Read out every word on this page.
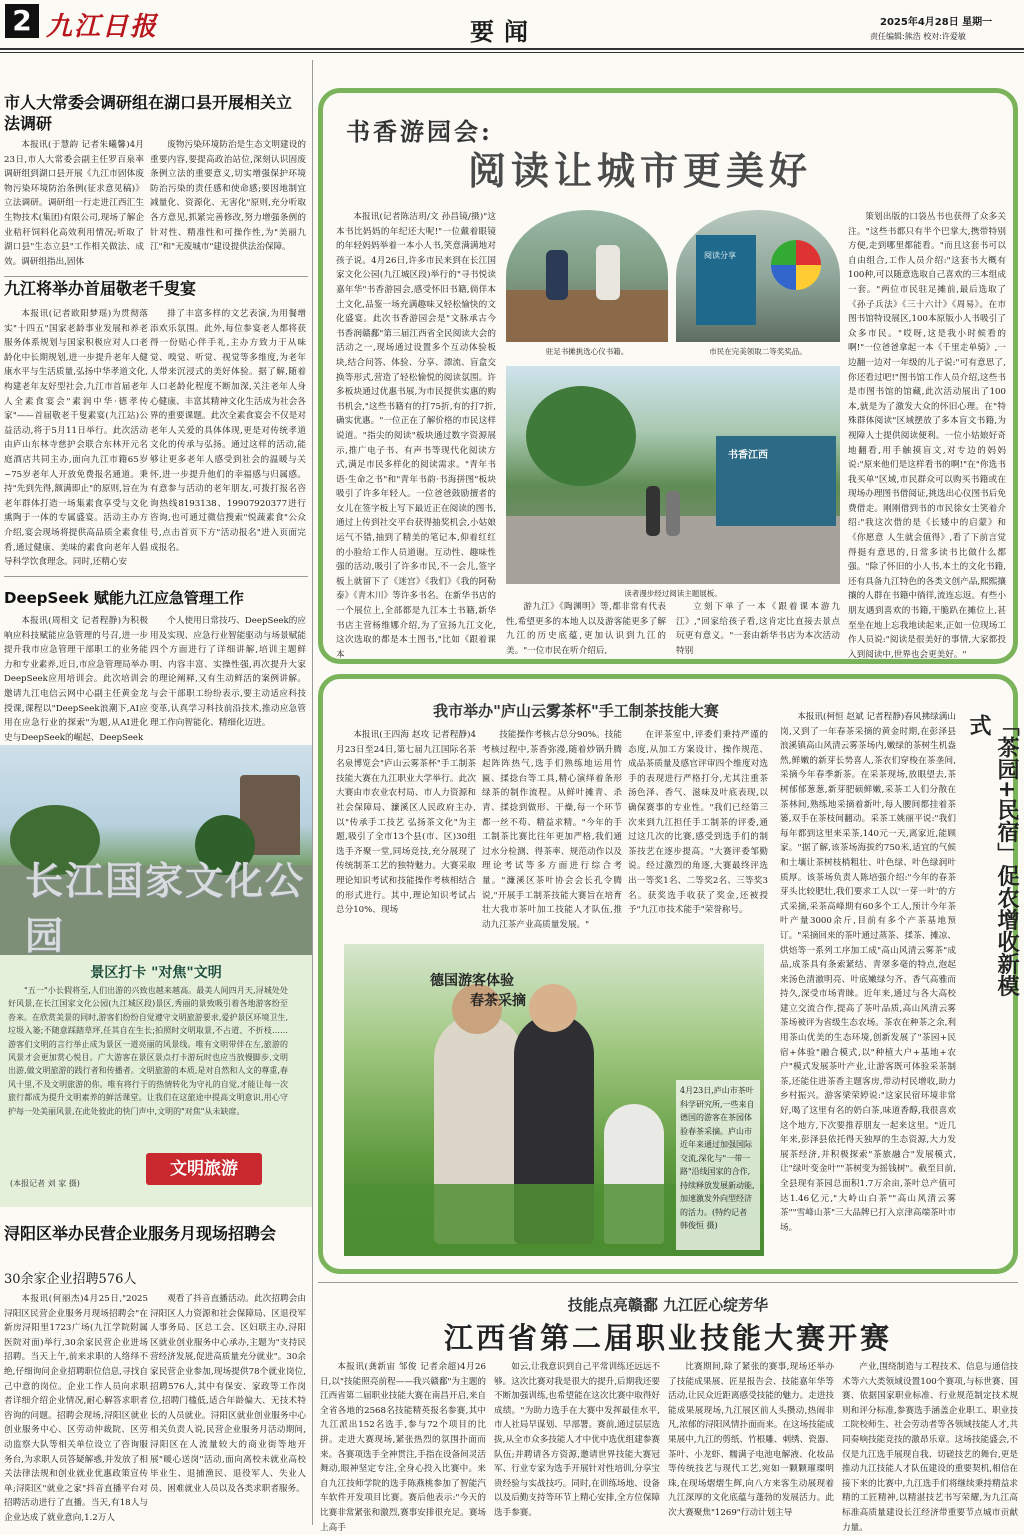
2 九江日报	要闻	2025年4月28日 星期一
责任编辑:熊浩 校对:许爱敏
市人大常委会调研组在湖口县开展相关立法调研

本报讯(于慧韵 记者朱曦馨)4月23日,市人大常委会副主任罗百泉率调研组到湖口县开展《九江市固体废物污染环境防治条例(征求意见稿)》立法调研。调研组一行走进江西汇生生物技术(集团)有限公司,现场了解企业秸秆饲料化高效利用情况;听取了湖口县"生态立县"工作相关做法、成效。调研组指出,固体

废物污染环境防治是生态文明建设的重要内容,要提高政治站位,深刻认识固废条例立法的重要意义,切实增强保护环境防治污染的责任感和使命感;要因地制宜减量化、资源化、无害化"原则,充分听取各方意见,抓紧完善修改,努力增强条例的针对性、精准性和可操作性,为"美丽九江"和"无废城市"建设提供法治保障。

九江将举办首届敬老千叟宴

本报讯(记者欧阳梦瑶)为贯彻落实"十四五"国家老龄事业发展和养老服务体系规划与国家积极应对人口老龄化中长期规划,进一步提升老年人健康水平与生活质量,弘扬中华孝道文化,构建老年友好型社会,九江市首届老年人全素食宴会"素润中华·德孝传家"——首届敬老千叟素宴(九江站)公益活动,将于5月11日举行。此次活动由庐山东林寺慈护会联合东林开元名庭酒店共同主办,面向九江市籍65岁~75岁老年人开放免费报名通道。秉持"先到先得,额满即止"的原则,旨在为老年群体打造一场集素食享受与文化熏陶于一体的专属盛宴。活动主办方介绍,宴会现场将提供高品质全素食佳肴,通过健康、美味的素食向老年人倡导科学饮食理念。同时,还精心安

排了丰富多样的文艺表演,为用餐增添欢乐氛围。此外,每位参宴老人都将获得一份贴心伴手礼,主办方致力于从味觉、嗅觉、听觉、视觉等多维度,为老年人带来沉浸式的美好体验。据了解,随着人口老龄化程度不断加深,关注老年人身心健康、丰富其精神文化生活成为社会各界的重要课题。此次全素食宴会不仅是对老年人关爱的具体体现,更是对传统孝道文化的传承与弘扬。通过这样的活动,能够让更多老年人感受到社会的温暖与关怀,进一步提升他们的幸福感与归属感。有意参与活动的老年朋友,可拨打报名咨询热线8193138、19907920377进行咨询,也可通过微信搜索"悦蔬素食"公众号,点击首页下方"活动报名"进入页面完成报名。

DeepSeek 赋能九江应急管理工作

本报讯(周相文 记者程静)为积极响应科技赋能应急管理的号召,进一步提升我市应急管理干部职工的业务能力和专业素养,近日,市应急管理局举办DeepSeek应用培训会。此次培训会邀请九江电信云网中心副主任黄金龙授课,课程以"DeepSeek浪潮下,AI应用在应急行业的探索"为题,从AI进化史与DeepSeek的崛起、DeepSeek

个人使用日常技巧、DeepSeek的应用及实现、应急行业智能驱动与场景赋能四个方面进行了详细讲解,培训主题鲜明、内容丰富、实操性强,再次提升大家的理论阐释,又有生动鲜活的案例讲解。与会干部职工纷纷表示,要主动适应科技变革,认真学习科技前沿技术,推动应急管理工作向智能化、精细化迈进。

长江国家文化公园
景区打卡 "对焦"文明

"五一"小长假将至,人们出游的兴致也越来越高。最美人间四月天,浔城处处好风景,在长江国家文化公园(九江城区段)景区,秀丽的景致吸引着各地游客纷至沓来。在欣赏美景的同时,游客们纷纷自觉遵守文明旅游要求,爱护景区环境卫生,垃圾入篓;不随意踩踏草坪,任其自在生长;拍照时文明取景,不占道、不折枝……游客们文明的言行举止成为景区一道亮丽的风景线。唯有文明带伴在左,旅游的风景才会更加赏心悦目。广大游客在景区景点打卡游玩时也应当放慢脚步,文明出游,做文明旅游的践行者和传播者。文明旅游的本质,是对自然和人文的尊重,春风十里,不及文明旅游的你。唯有将行于的热情转化为守礼的自觉,才能让每一次旅行都成为提升文明素养的鲜活课堂。让我们在这旅途中提高文明意识,用心守护每一处美丽风景,在此处彼此的快门声中,文明的"对焦"从未缺席。

(本报记者 刘 家 摄)
文明旅游
浔阳区举办民营企业服务月现场招聘会
30余家企业招聘576人

本报讯(何丽杰)4月25日,"2025浔阳区民营企业服务月现场招聘会"在新房浔阳里1723广场(九江学院附属医院对面)举行,30余家民营企业进场招聘。当天上午,前来求职的人络绎不绝,仔细询问企业招聘职位信息,寻找自己中意的岗位。企业工作人员向求职者详细介绍企业情况,耐心解答求职者咨询的问题。招聘会现场,浔阳区就业创业服务中心、区劳动仲裁院、区劳动监察大队等相关单位设立了咨询服务台,为求职人员答疑解惑,并发放了相关法律法规和创业就业优惠政策宣传单;浔阳区"就业之家"抖音直播平台对招聘活动进行了直播。当天,有18人与企业达成了就业意向,1.2万人

观看了抖音直播活动。此次招聘会由浔阳区人力资源和社会保障局、区退役军人事务局、区总工会、区妇联主办,浔阳区就业创业服务中心承办,主题为"支持民营经济发展,促进高质量充分就业"。30余家民营企业参加,现场提供78个就业岗位,招聘576人,其中有保安、家政等工作岗位,招聘门槛低,适合年龄偏大、无技术特长的人员就业。浔阳区就业创业服务中心相关负责人说,民营企业服务月活动期间,浔阳区在人流量较大的商业街等地开展"暖心送岗"活动,面向离校未就业高校毕业生、退捕渔民、退役军人、失业人员、困难就业人员以及各类求职者服务。

书香游园会:
阅读让城市更美好
驻足书摊挑选心仪书籍。
阅读分享
市民在完美领取二等奖奖品。
书香江西
读者漫步经过阅读主题展板。

本报讯(记者陈洁玥/文 孙昌镜/摄)"这本书比妈妈的年纪还大呢!"一位戴着眼镜的年轻妈妈举着一本小人书,笑意满满地对孩子说。4月26日,许多市民来到在长江国家文化公园(九江城区段)举行的"寻书悦读嘉年华"书香游园会,感受怀旧书籍,倘佯本土文化,品鉴一场充满趣味又轻松愉快的文化盛宴。此次书香游园会是"文脉承古今 书香润赣鄱"第三届江西省全民阅读大会的活动之一,现场通过设置多个互动体验板块,结合问答、体验、分享、漂流、盲盒交换等形式,营造了轻松愉悦的阅读氛围。许多板块通过优惠书展,为市民提供实惠的购书机会,"这些书籍有的打75折,有的打7折,确实优惠。"一位正在了解价格的市民这样说道。"指尖的阅读"板块通过数字资源展示,推广电子书、有声书等现代化阅读方式,满足市民多样化的阅读需求。"青年书语·生命之书"和"青年书韵·书海拼图"板块吸引了许多年轻人。一位爸爸鼓励擅者的女儿在签字板上写下最近正在阅读的图书,通过上传到社交平台获得抽奖机会,小姑娘运气不错,抽到了精美的笔记本,仰着红红的小脸给工作人员道谢。互动性、趣味性强的活动,吸引了许多市民,不一会儿,签字板上就留下了《迷宫》《我们》《我的阿勒泰》《青木川》等许多书名。在新华书店的一个展位上,全部都是九江本土书籍,新华书店主营杨维娜介绍,为了宣扬九江文化,这次选取的都是本土图书,"比如《跟着课本

游九江》《陶渊明》等,都非常有代表性,希望更多的本地人以及游客能更多了解九江的历史底蕴,更加认识到九江的美。"一位市民在听介绍后,

立刻下单了一本《跟着课本游九江》,"回家给孩子看,这肯定比直接去景点玩更有意义。"一套由新华书店为本次活动特别

策划出版的口袋丛书也获得了众多关注。"这些书都只有半个巴掌大,携带特别方便,走到哪里都能看。"而且这套书可以自由组合,工作人员介绍:"这套书大概有100种,可以随意选取自己喜欢的三本组成一套。"两位市民驻足摊前,最后选取了《孙子兵法》《三十六计》《周易》。在市图书馆特设展区,100本原版小人书吸引了众多市民。"哎呀,这是我小时候看的啊!"一位爸爸拿起一本《千里走单骑》,一边翻一边对一年级的儿子说:"可有意思了,你还看过吧!"图书馆工作人员介绍,这些书是市图书馆的馆藏,此次活动展出了100本,就是为了激发大众的怀旧心理。在"特殊群体阅读"区域摆放了多本盲文书籍,为视障人士提供阅读便利。一位小姑娘好奇地翻看,用手触摸盲文,对专边的妈妈说:"原来他们是这样看书的啊!"在"你选书 我买单"区域,市民群众可以购买书籍或在现场办理图书借阅证,挑选出心仪图书后免费借走。刚刚借到书的市民徐女士笑着介绍:"我这次借的是《长矮中的启蒙》和《你愿意 人生就会值得》,看了下前言觉得挺有意思的,日常多读书比做什么都强。"除了怀旧的小人书,本土的文化书籍,还有具备九江特色的各类文创产品,熙熙攘攘的人群在书籍中徜徉,流连忘返。有些小朋友遇到喜欢的书籍,干脆趴在摊位上,甚至坐在地上忘我地读起来,正如一位现场工作人员说:"阅读是很美好的事情,大家都投入到阅读中,世界也会更美好。"

我市举办"庐山云雾茶杯"手工制茶技能大赛

本报讯(王四海 赵攻 记者程静)4月23日至24日,第七届九江国际名茶名泉博览会"庐山云雾茶杯"手工制茶技能大赛在九江职业大学举行。此次大赛由市农业农村局、市人力资源和社会保障局、濂溪区人民政府主办,以"传承手工技艺 弘扬茶文化"为主题,吸引了全市13个县(市、区)30组选手齐聚一堂,同场竞技,充分展现了传统制茶工艺的独特魅力。大赛采取理论知识考试和技能操作考核相结合的形式进行。其中,理论知识考试占总分10%、现场

技能操作考核占总分90%。技能考核过程中,茶香弥漫,随着炒锅升腾起阵阵热气,选手们熟练地运用竹匾、揉捻台等工具,精心演绎着条形绿茶的制作流程。从鲜叶摊青、杀青、揉捻到做形、干燥,每一个环节都一丝不苟、精益求精。"今年的手工制茶比赛比往年更加严格,我们通过水分检测、得茶率、规范动作以及理论考试等多方面进行综合考量。"濂溪区茶叶协会会长孔令腾说,"开展手工制茶技能大赛旨在培育壮大我市茶叶加工技能人才队伍,推动九江茶产业高质量发展。"

在评茶室中,评委们秉持严谨的态度,从加工方案设计、操作规范、成品茶质量及感官评审四个维度对选手的表现进行严格打分,尤其注重茶汤色泽、香气、滋味及叶底表现,以确保赛事的专业性。"我们已经第三次来到九江担任手工制茶的评委,通过这几次的比赛,感受到选手们的制茶技艺在逐步提高。"大赛评委邹勤说。经过激烈的角逐,大赛最终评选出一等奖1名、二等奖2名、三等奖3名。获奖选手收获了奖金,还被授予"九江市技术能手"荣誉称号。

德国游客体验
春茶采摘
4月23日,庐山市茶叶科学研究所,一些来自德国的游客在茶园体验春茶采摘。庐山市近年来通过加强国际交流,深化与"一带一路"沿线国家的合作,持续释放发展新动能,加速激发外向型经济的活力。(特约记者 韩俊恒 摄)
「茶园+民宿」促农增收新模式

本报讯(柯恒 赵斌 记者程静)春风拂绿满山岗,又到了一年春茶采摘的黄金时期,在彭泽县浪溪镇高山风清云雾茶场内,嫩绿的茶树生机盎然,鲜嫩的新芽长势喜人,茶农们穿梭在茶垄间,采摘今年春季新茶。在采茶现场,放眼望去,茶树郁郁葱葱,新芽肥硕鲜嫩,采茶工人们分散在茶林间,熟练地采摘着新叶,每人腰间都挂着茶篓,双手在茶枝间翻动。采茶工姚丽平说:"我们每年都到这里来采茶,140元一天,离家近,能顾家。"据了解,该茶场海拔约750米,适宜的气候和土壤让茶树枝梢粗壮、叶色绿、叶色绿润叶质厚。该茶场负责人陈培强介绍:"今年的春茶芽头比较肥壮,我们要求工人以'一芽一叶'的方式采摘,采茶高峰期有60多个工人,预计今年茶叶产量3000余斤,目前有多个产茶基地预订。"采摘回来的茶叶通过蒸茶、揉茶、摊凉、烘焙等一系列工序加工成"高山风清云雾茶"成品,成茶具有条索紧结、青翠多毫的特点,泡起来汤色清澈明亮、叶底嫩绿匀齐、香气高雅而持久,深受市场青睐。近年来,通过与各大高校建立交流合作,提高了茶叶品质,高山风清云雾茶场被评为省级生态农场。茶农在种茶之余,利用茶山优美的生态环境,创新发展了"茶园+民宿+体验"融合模式,以"种植大户+基地+农户"模式发展茶叶产业,让游客既可体验采茶制茶,还能住进茶香主题客房,带动村民增收,助力乡村振兴。游客梁荣婷说:"这家民宿环境非常好,喝了这里有名的奶白茶,味道香醇,我很喜欢这个地方,下次要推荐朋友一起来这里。"近几年来,彭泽县依托得天独厚的生态资源,大力发展茶经济,并积极探索"茶旅融合"发展模式,让"绿叶变金叶""茶树变为摇钱树"。截至目前,全县现有茶园总面积1.7万余亩,茶叶总产值可达1.46亿元,"大岭山白茶""高山风清云雾茶""雪峰山茶"三大品牌已打入京津高端茶叶市场。

技能点亮赣鄱 九江匠心绽芳华
江西省第二届职业技能大赛开赛

本报讯(龚新宙 邹俊 记者余超)4月26日,以"技能照亮前程——我兴赣鄱"为主题的江西省第二届职业技能大赛在南昌开启,来自全省各地的2568名技能精英报名参赛,其中九江派出152名选手,参与72个项目的比拼。走进大赛现场,紧张热烈的氛围扑面而来。各赛项选手全神贯注,手指在设备间灵活舞动,眼神坚定专注,全身心投入比赛中。来自九江技师学院的选手陈燕桃参加了智能汽车软件开发项目比赛。赛后他表示:"今天的比赛非常紧张和激烈,赛事安排很充足。赛场上高手

如云,让我意识到自己平常训练还远远不够。这次比赛对我是很大的提升,后期我还要不断加强训练,也希望能在这次比赛中取得好成绩。"为助力选手在大赛中发挥最佳水平,市人社局早谋划、早部署。赛前,通过层层选拔,从全市众多技能人才中优中选优组建参赛队伍;并聘请各方资源,邀请世界技能大赛冠军、行业专家为选手开展针对性培训,分享宝贵经验与实战技巧。同时,在训练场地、设备以及后勤支持等环节上精心安排,全方位保障选手参赛。

比赛期间,除了紧张的赛事,现场还举办了技能成果展、匠星报告会、技能嘉年华等活动,让民众近距离感受技能的魅力。走进技能成果展现场,九江展区前人头攒动,热闹非凡,浓郁的浔阳风情扑面而来。在这场技能成果展中,九江的剪纸、竹根雕、刺绣、瓷器、茶叶、小龙虾、糯满子电池电解液、化妆品等传统技艺与现代工艺,宛如一颗颗璀璨明珠,在现场熠熠生辉,向八方来客生动展现着九江深厚的文化底蕴与蓬勃的发展活力。此次大赛聚焦"1269"行动计划主导

产业,围绕制造与工程技术、信息与通信技术等六大类领域设置100个赛项,与标世赛、国赛、依据国家职业标准、行业规范制定技术规则和评分标准,参赛选手涵盖企业职工、职业技工院校师生、社会劳动者等各领域技能人才,共同奏响技能竞技的激昂乐章。这场技能盛会,不仅是九江选手展现自我、切磋技艺的舞台,更是推动九江技能人才队伍建设的重要契机,相信在接下来的比赛中,九江选手们将继续秉持精益求精的工匠精神,以精湛技艺书写荣耀,为九江高标准高质量建设长江经济带重要节点城市贡献力量。
